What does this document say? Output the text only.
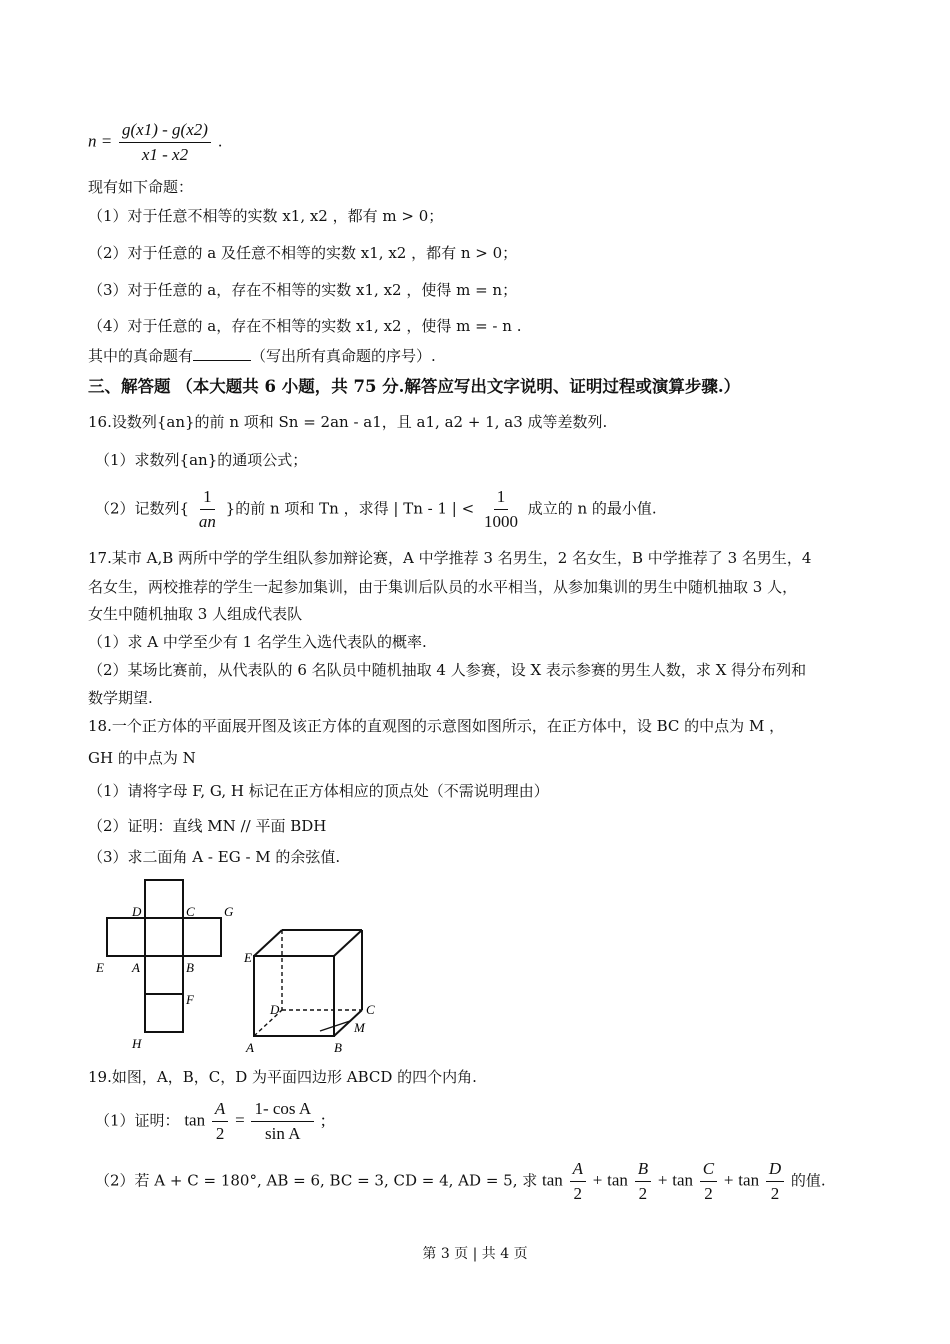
$n = \frac{g(x1) - g(x2)}{x1 - x2}$ .
现有如下命题：
（1）对于任意不相等的实数 x1, x2 ，都有 m > 0；
（2）对于任意的 a 及任意不相等的实数 x1, x2 ，都有 n > 0；
（3）对于任意的 a，存在不相等的实数 x1, x2 ，使得 m = n；
（4）对于任意的 a，存在不相等的实数 x1, x2 ，使得 m = - n .
其中的真命题有	（写出所有真命题的序号）.
三、解答题 （本大题共 6 小题，共 75 分.解答应写出文字说明、证明过程或演算步骤.）
16.设数列{an}的前 n 项和 Sn = 2an - a1，且 a1, a2 + 1, a3 成等差数列.
（1）求数列{an}的通项公式；
（2）记数列{ $\frac{1}{an}$ }的前 n 项和 Tn ，求得 | Tn - 1 | < $\frac{1}{1000}$ 成立的 n 的最小值.
17.某市 A,B 两所中学的学生组队参加辩论赛，A 中学推荐 3 名男生，2 名女生，B 中学推荐了 3 名男生，4
名女生，两校推荐的学生一起参加集训，由于集训后队员的水平相当，从参加集训的男生中随机抽取 3 人，
女生中随机抽取 3 人组成代表队
（1）求 A 中学至少有 1 名学生入选代表队的概率.
（2）某场比赛前，从代表队的 6 名队员中随机抽取 4 人参赛，设 X 表示参赛的男生人数，求 X 得分布列和
数学期望.
18.一个正方体的平面展开图及该正方体的直观图的示意图如图所示，在正方体中，设 BC 的中点为 M ，
GH 的中点为 N
（1）请将字母 F, G, H 标记在正方体相应的顶点处（不需说明理由）
（2）证明：直线 MN // 平面 BDH
（3）求二面角 A - EG - M 的余弦值.
D	C G
E A	B
F
H
E
D	C
M
A	B
19.如图，A，B，C，D 为平面四边形 ABCD 的四个内角.
（1）证明： $\tan \frac{A}{2} = \frac{\text{1- cos A}}{\text{sin A}}$ ;
（2）若 A + C = 180°, AB = 6, BC = 3, CD = 4, AD = 5, 求 $\tan \frac{A}{2} + \tan \frac{B}{2} + \tan \frac{C}{2} + \tan \frac{D}{2}$ 的值.
第 3 页 | 共 4 页
